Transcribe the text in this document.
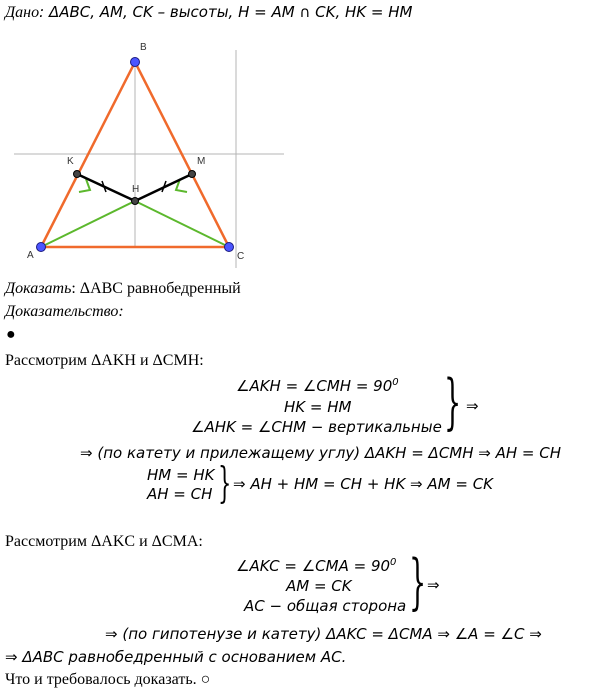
Дано: ΔABC, AM, CK – высоты, H = AM ∩ CK, HK = HM
B
K	M
H
A	C
Доказать: ΔABC равнобедренный
Доказательство:
●
Рассмотрим ΔAKH и ΔCMH:
∠AKH = ∠CMH = $90^0$
HK = HM
∠AHK = ∠CHM − вертикальные } ⇒
⇒ (по катету и прилежащему углу) ΔAKH = ΔCMH ⇒ AH = CH
HM = HK
AH = CH } ⇒ AH + HM = CH + HK ⇒ AM = CK
Рассмотрим ΔAKC и ΔCMA:
∠AKC = ∠CMA = $90^0$
AM = CK
AC − общая сторона } ⇒
⇒ (по гипотенузе и катету) ΔAKC = ΔCMA ⇒ ∠A = ∠C ⇒
⇒ ΔABC равнобедренный с основанием AC.
Что и требовалось доказать. ○
